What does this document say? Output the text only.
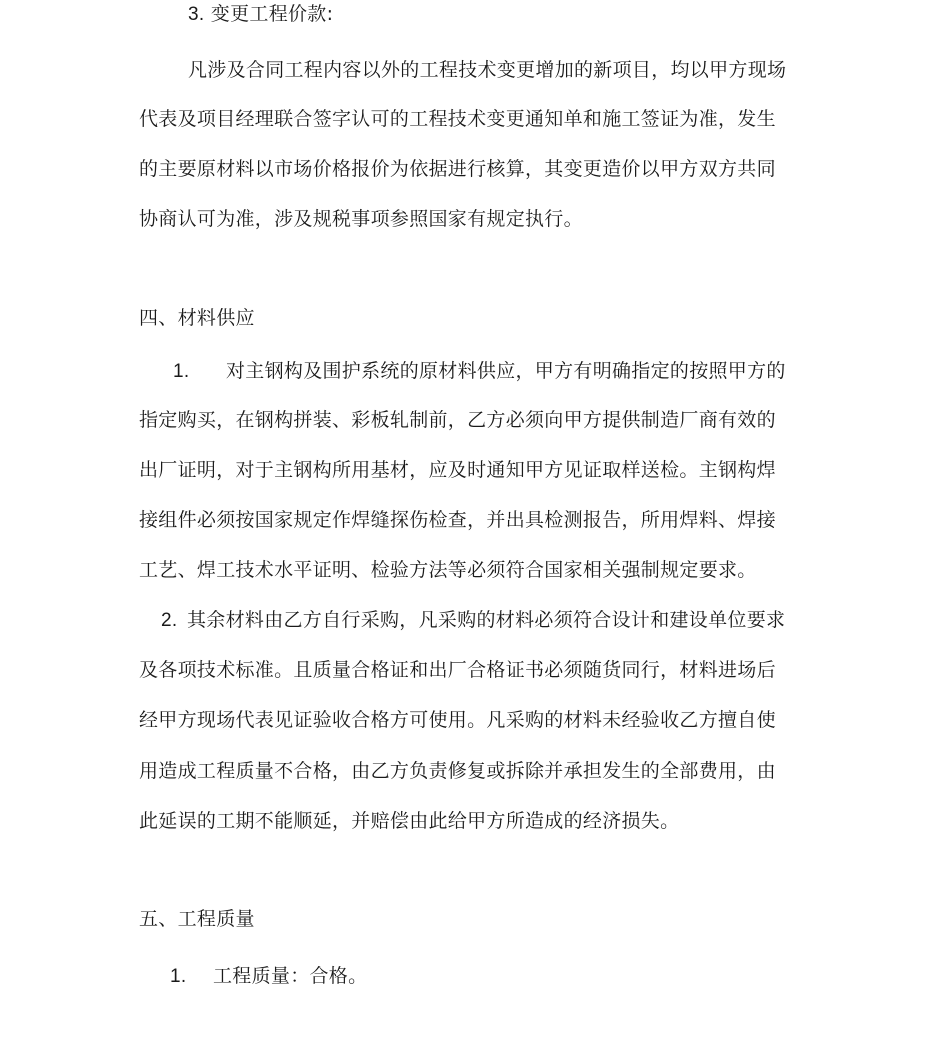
3. 变更工程价款:
凡涉及合同工程内容以外的工程技术变更增加的新项目，均以甲方现场
代表及项目经理联合签字认可的工程技术变更通知单和施工签证为准，发生
的主要原材料以市场价格报价为依据进行核算，其变更造价以甲方双方共同
协商认可为准，涉及规税事项参照国家有规定执行。
四、材料供应
1. 对主钢构及围护系统的原材料供应，甲方有明确指定的按照甲方的
指定购买，在钢构拼装、彩板轧制前，乙方必须向甲方提供制造厂商有效的
出厂证明，对于主钢构所用基材，应及时通知甲方见证取样送检。主钢构焊
接组件必须按国家规定作焊缝探伤检查，并出具检测报告，所用焊料、焊接
工艺、焊工技术水平证明、检验方法等必须符合国家相关强制规定要求。
2. 其余材料由乙方自行采购，凡采购的材料必须符合设计和建设单位要求
及各项技术标准。且质量合格证和出厂合格证书必须随货同行，材料进场后
经甲方现场代表见证验收合格方可使用。凡采购的材料未经验收乙方擅自使
用造成工程质量不合格，由乙方负责修复或拆除并承担发生的全部费用，由
此延误的工期不能顺延，并赔偿由此给甲方所造成的经济损失。
五、工程质量
1. 工程质量：合格。
